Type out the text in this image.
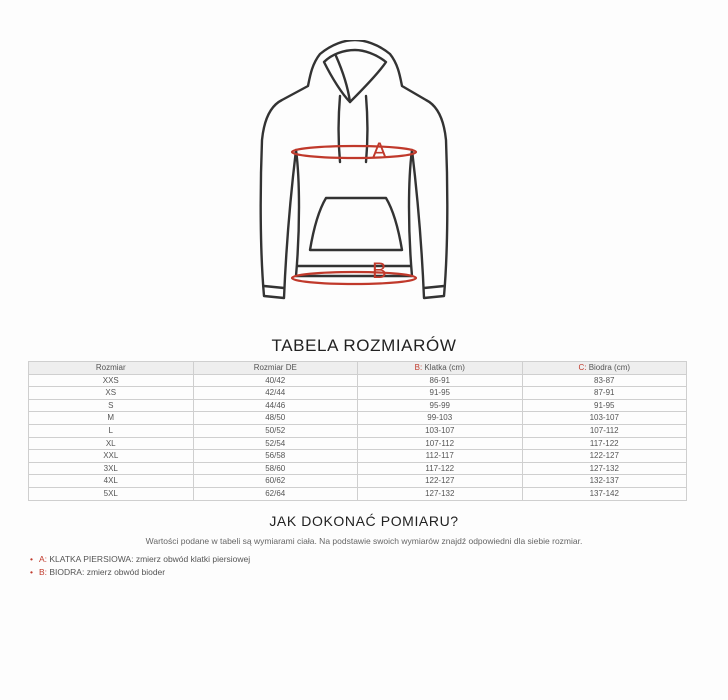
A
B
TABELA ROZMIARÓW
Rozmiar	Rozmiar DE	B: Klatka (cm)	C: Biodra (cm)
XXS	40/42	86-91	83-87
XS	42/44	91-95	87-91
S	44/46	95-99	91-95
M	48/50	99-103	103-107
L	50/52	103-107	107-112
XL	52/54	107-112	117-122
XXL	56/58	112-117	122-127
3XL	58/60	117-122	127-132
4XL	60/62	122-127	132-137
5XL	62/64	127-132	137-142
JAK DOKONAĆ POMIARU?
Wartości podane w tabeli są wymiarami ciała. Na podstawie swoich wymiarów znajdź odpowiedni dla siebie rozmiar.
• A: KLATKA PIERSIOWA: zmierz obwód klatki piersiowej
• B: BIODRA: zmierz obwód bioder
